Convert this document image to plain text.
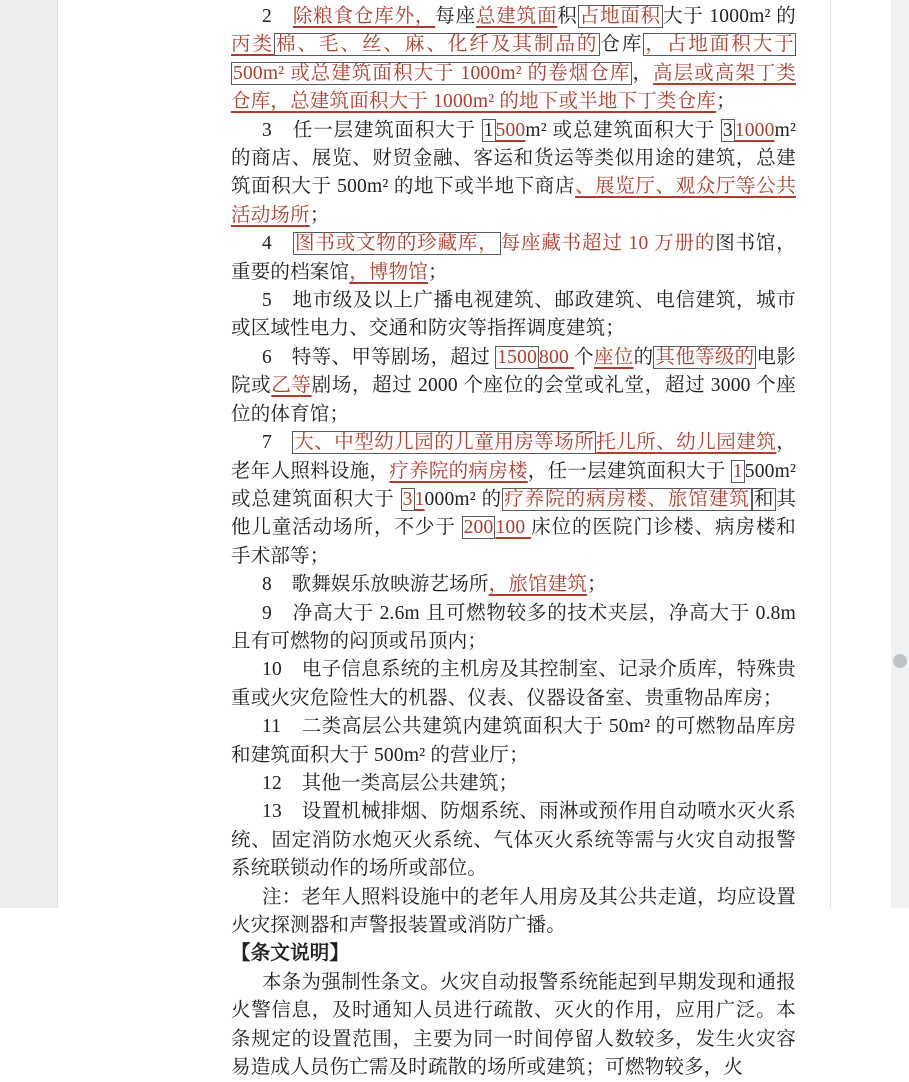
2　除粮食仓库外，每座总建筑面积 占地面积 大于 1000m² 的丙类 棉、毛、丝、麻、化纤及其制品的 仓库 ，占地面积大于 500m² 或总建筑面积大于 1000m² 的卷烟仓库 ，高层或高架丁类仓库，总建筑面积大于 1000m² 的地下或半地下丁类仓库；

3　任一层建筑面积大于 1 500m² 或总建筑面积大于 3 1000m² 的商店、展览、财贸金融、客运和货运等类似用途的建筑，总建筑面积大于 500m² 的地下或半地下商店、展览厅、观众厅等公共活动场所；

4　图书或文物的珍藏库， 每座藏书超过 10 万册的图书馆，重要的档案馆，博物馆；

5　地市级及以上广播电视建筑、邮政建筑、电信建筑，城市或区域性电力、交通和防灾等指挥调度建筑；

6　特等、甲等剧场，超过 1500 800 个座位的 其他等级的 电影院或乙等剧场，超过 2000 个座位的会堂或礼堂，超过 3000 个座位的体育馆；

7　大、中型幼儿园的儿童用房等场所 托儿所、幼儿园建筑，老年人照料设施，疗养院的病房楼，任一层建筑面积大于 1 500m² 或总建筑面积大于 3 1000m² 的 疗养院的病房楼、旅馆建筑 和 其他儿童活动场所，不少于 200 100 床位的医院门诊楼、病房楼和手术部等；

8　歌舞娱乐放映游艺场所，旅馆建筑；

9　净高大于 2.6m 且可燃物较多的技术夹层，净高大于 0.8m 且有可燃物的闷顶或吊顶内；

10　电子信息系统的主机房及其控制室、记录介质库，特殊贵重或火灾危险性大的机器、仪表、仪器设备室、贵重物品库房；

11　二类高层公共建筑内建筑面积大于 50m² 的可燃物品库房和建筑面积大于 500m² 的营业厅；

12　其他一类高层公共建筑；

13　设置机械排烟、防烟系统、雨淋或预作用自动喷水灭火系统、固定消防水炮灭火系统、气体灭火系统等需与火灾自动报警系统联锁动作的场所或部位。

注：老年人照料设施中的老年人用房及其公共走道，均应设置火灾探测器和声警报装置或消防广播。

【条文说明】

本条为强制性条文。火灾自动报警系统能起到早期发现和通报火警信息，及时通知人员进行疏散、灭火的作用，应用广泛。本条规定的设置范围，主要为同一时间停留人数较多，发生火灾容易造成人员伤亡需及时疏散的场所或建筑；可燃物较多，火
